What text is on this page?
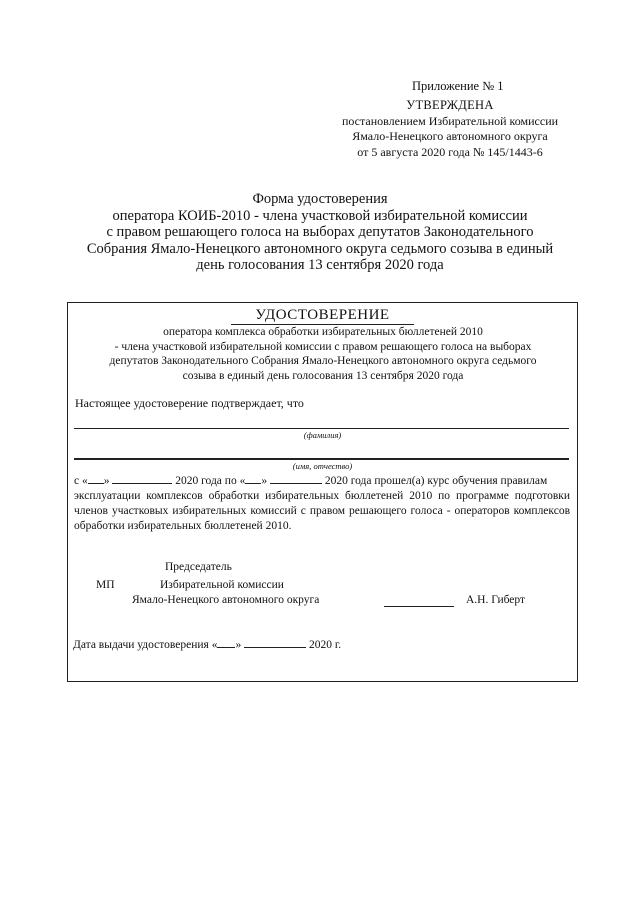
Приложение № 1
УТВЕРЖДЕНА
постановлением Избирательной комиссии
Ямало-Ненецкого автономного округа
от 5 августа 2020 года № 145/1443-6
Форма удостоверения
оператора КОИБ-2010 - члена участковой избирательной комиссии
с правом решающего голоса на выборах депутатов Законодательного
Собрания Ямало-Ненецкого автономного округа седьмого созыва в единый
день голосования 13 сентября 2020 года
УДОСТОВЕРЕНИЕ
оператора комплекса обработки избирательных бюллетеней 2010
- члена участковой избирательной комиссии с правом решающего голоса на выборах
депутатов Законодательного Собрания Ямало-Ненецкого автономного округа седьмого
созыва в единый день голосования 13 сентября 2020 года
Настоящее удостоверение подтверждает, что
(фамилия)
(имя, отчество)
с « »	2020 года по « »	2020 года прошел(а) курс обучения правилам
эксплуатации комплексов обработки избирательных бюллетеней 2010 по программе подготовки членов участковых избирательных комиссий с правом решающего голоса - операторов комплексов обработки избирательных бюллетеней 2010.
Председатель
МП	Избирательной комиссии
Ямало-Ненецкого автономного округа	А.Н. Гиберт
Дата выдачи удостоверения « »	2020 г.
